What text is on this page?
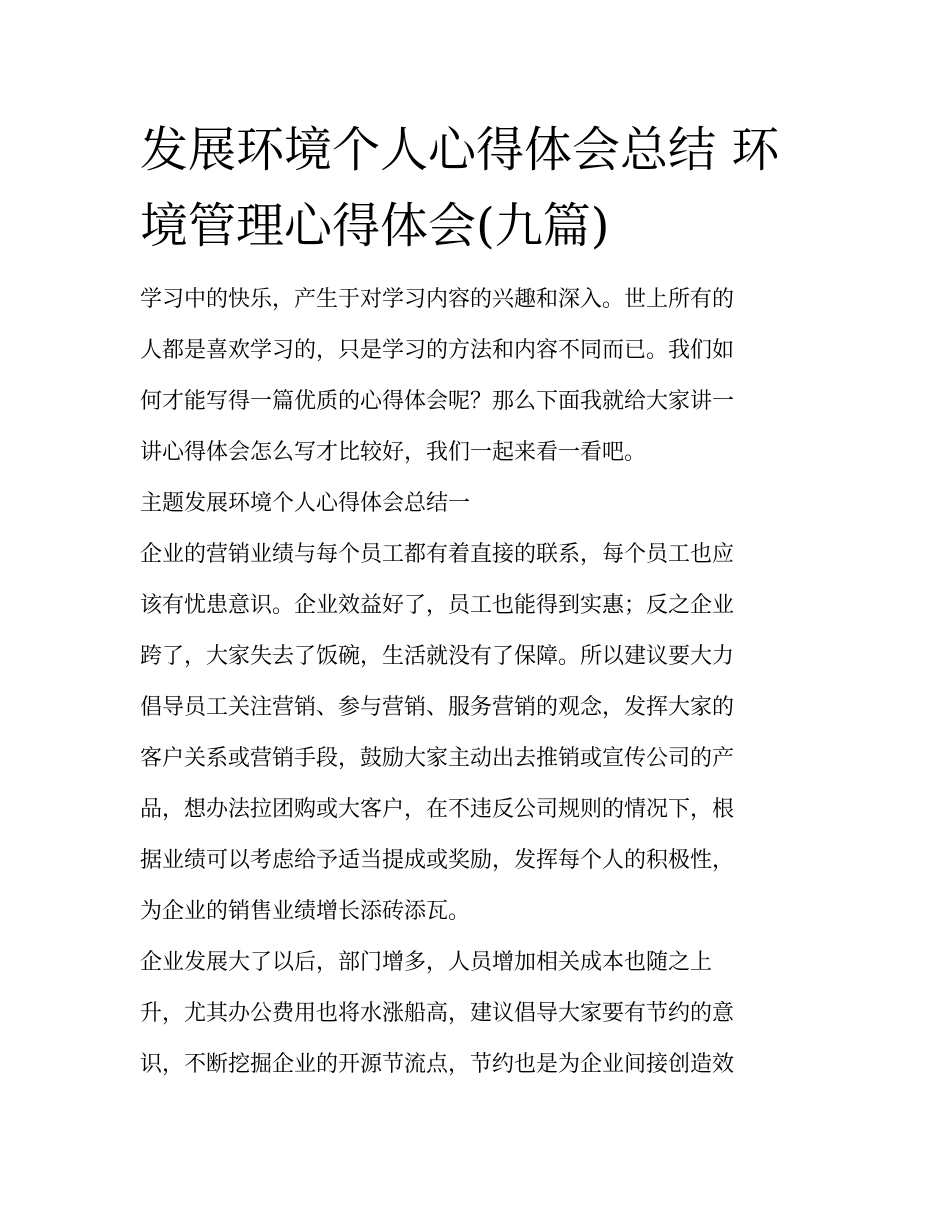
发展环境个人心得体会总结 环
境管理心得体会(九篇)
学习中的快乐，产生于对学习内容的兴趣和深入。世上所有的
人都是喜欢学习的，只是学习的方法和内容不同而已。我们如
何才能写得一篇优质的心得体会呢？那么下面我就给大家讲一
讲心得体会怎么写才比较好，我们一起来看一看吧。
主题发展环境个人心得体会总结一
企业的营销业绩与每个员工都有着直接的联系，每个员工也应
该有忧患意识。企业效益好了，员工也能得到实惠；反之企业
跨了，大家失去了饭碗，生活就没有了保障。所以建议要大力
倡导员工关注营销、参与营销、服务营销的观念，发挥大家的
客户关系或营销手段，鼓励大家主动出去推销或宣传公司的产
品，想办法拉团购或大客户，在不违反公司规则的情况下，根
据业绩可以考虑给予适当提成或奖励，发挥每个人的积极性，
为企业的销售业绩增长添砖添瓦。
企业发展大了以后，部门增多，人员增加相关成本也随之上
升，尤其办公费用也将水涨船高，建议倡导大家要有节约的意
识，不断挖掘企业的开源节流点，节约也是为企业间接创造效
